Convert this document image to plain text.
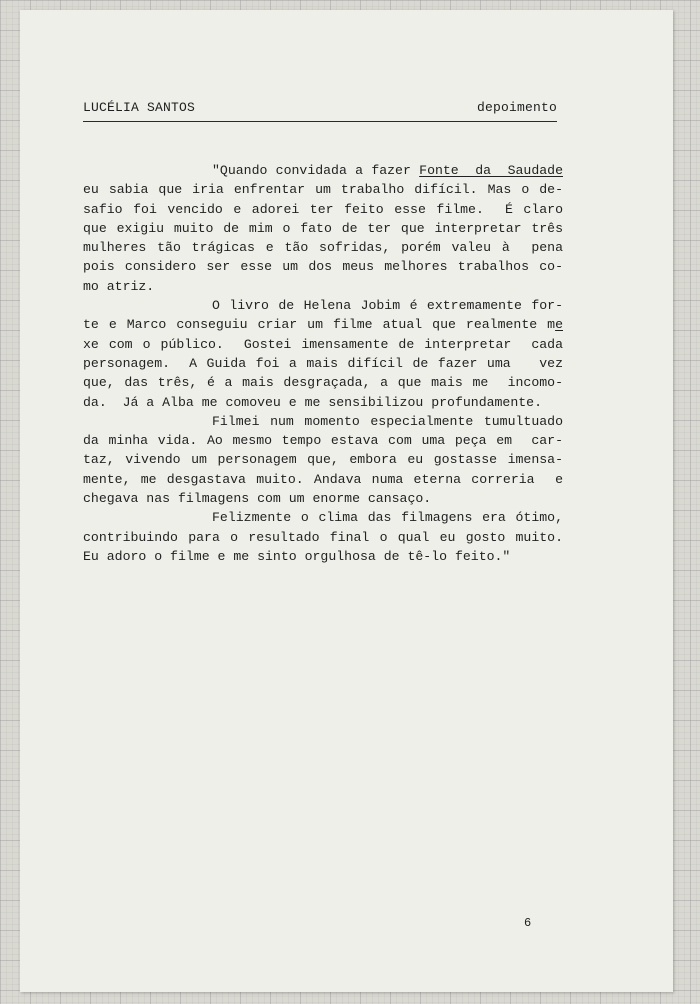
LUCÉLIA SANTOS	depoimento
"Quando convidada a fazer Fonte  da  Saudade
eu sabia que iria enfrentar um trabalho difícil. Mas o de-
safio foi vencido e adorei ter feito esse filme.  É claro
que exigiu muito de mim o fato de ter que interpretar três
mulheres tão trágicas e tão sofridas, porém valeu à  pena
pois considero ser esse um dos meus melhores trabalhos co-
mo atriz.
O livro de Helena Jobim é extremamente for-
te e Marco conseguiu criar um filme atual que realmente me
xe com o público.  Gostei imensamente de interpretar  cada
personagem.  A Guida foi a mais difícil de fazer uma   vez
que, das três, é a mais desgraçada, a que mais me  incomo-
da.  Já a Alba me comoveu e me sensibilizou profundamente.
Filmei num momento especialmente tumultuado
da minha vida. Ao mesmo tempo estava com uma peça em  car-
taz, vivendo um personagem que, embora eu gostasse imensa-
mente, me desgastava muito. Andava numa eterna correria  e
chegava nas filmagens com um enorme cansaço.
Felizmente o clima das filmagens era ótimo,
contribuindo para o resultado final o qual eu gosto muito.
Eu adoro o filme e me sinto orgulhosa de tê-lo feito."
6
